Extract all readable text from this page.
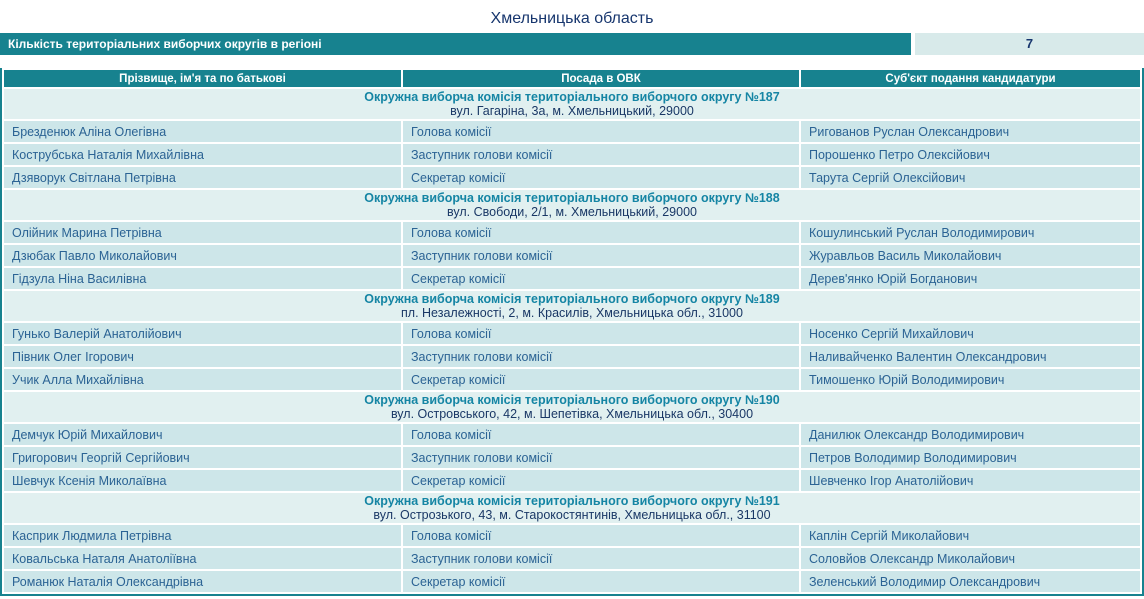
Хмельницька область
Кількість територіальних виборчих округів в регіоні	7
Прізвище, ім'я та по батькові	Посада в ОВК	Суб'єкт подання кандидатури

Окружна виборча комісія територіального виборчого округу №187
вул. Гагаріна, 3а, м. Хмельницький, 29000		

Брезденюк Аліна Олегівна	Голова комісії	Ригованов Руслан Олександрович
Кострубська Наталія Михайлівна	Заступник голови комісії	Порошенко Петро Олексійович
Дзяворук Світлана Петрівна	Секретар комісії	Тарута Сергій Олексійович

Окружна виборча комісія територіального виборчого округу №188
вул. Свободи, 2/1, м. Хмельницький, 29000		

Олійник Марина Петрівна	Голова комісії	Кошулинський Руслан Володимирович
Дзюбак Павло Миколайович	Заступник голови комісії	Журавльов Василь Миколайович
Гідзула Ніна Василівна	Секретар комісії	Дерев'янко Юрій Богданович

Окружна виборча комісія територіального виборчого округу №189
пл. Незалежності, 2, м. Красилів, Хмельницька обл., 31000		

Гунько Валерій Анатолійович	Голова комісії	Носенко Сергій Михайлович
Півник Олег Ігорович	Заступник голови комісії	Наливайченко Валентин Олександрович
Учик Алла Михайлівна	Секретар комісії	Тимошенко Юрій Володимирович

Окружна виборча комісія територіального виборчого округу №190
вул. Островського, 42, м. Шепетівка, Хмельницька обл., 30400		

Демчук Юрій Михайлович	Голова комісії	Данилюк Олександр Володимирович
Григорович Георгій Сергійович	Заступник голови комісії	Петров Володимир Володимирович
Шевчук Ксенія Миколаївна	Секретар комісії	Шевченко Ігор Анатолійович

Окружна виборча комісія територіального виборчого округу №191
вул. Острозького, 43, м. Старокостянтинів, Хмельницька обл., 31100		

Касприк Людмила Петрівна	Голова комісії	Каплін Сергій Миколайович
Ковальська Наталя Анатоліївна	Заступник голови комісії	Соловйов Олександр Миколайович
Романюк Наталія Олександрівна	Секретар комісії	Зеленський Володимир Олександрович
